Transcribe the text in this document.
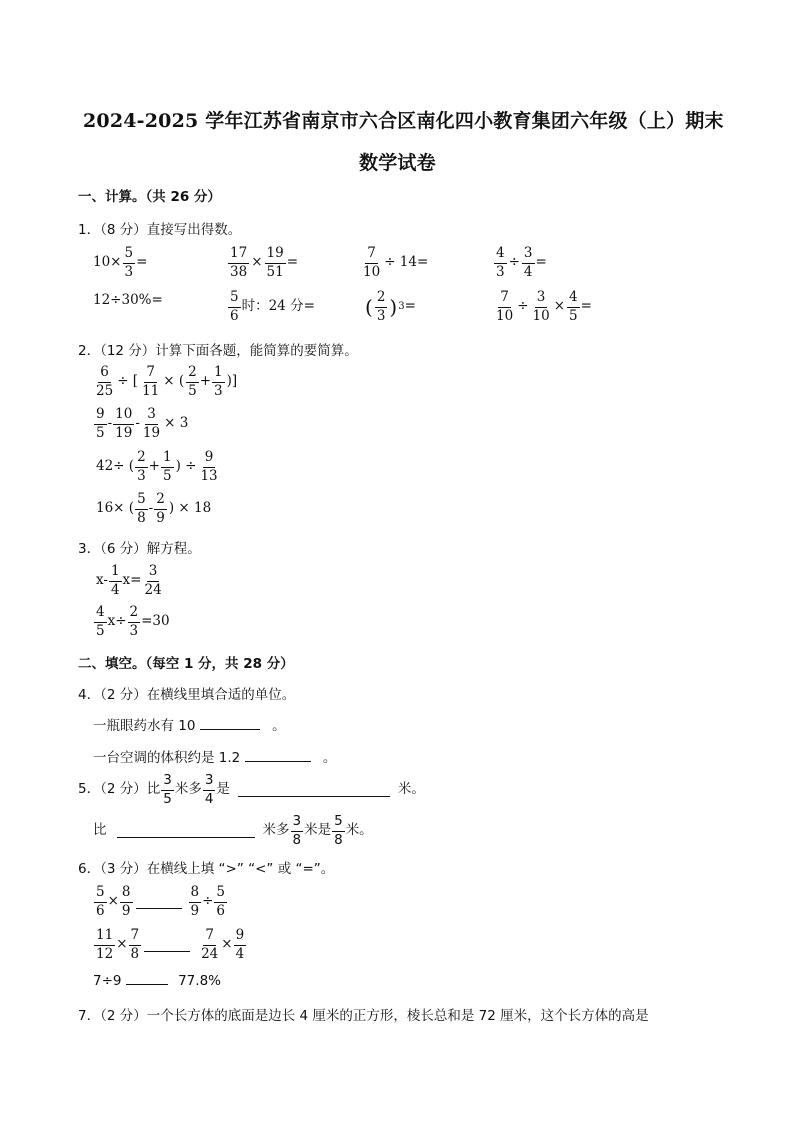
2024-2025 学年江苏省南京市六合区南化四小教育集团六年级（上）期末
数学试卷
一、计算。（共 26 分）
1．（8 分）直接写出得数。
$10\times \frac{5}{3}$ =	$\frac{17}{38} \times \frac{19}{51}$ =	$\frac{7}{10} \div 14=$	$\frac{4}{3} \div \frac{3}{4}$ =
12÷30%=	$\frac{5}{6}$ 时：24 分=	( $\frac{2}{3}$ ) 3 =	$\frac{7}{10} \div \frac{3}{10} \times \frac{4}{5}$ =
2．（12 分）计算下面各题，能简算的要简算。
$\frac{6}{25}$ ÷ [ $\frac{7}{11}$ × ( $\frac{2}{5} + \frac{1}{3}$ )]
$\frac{9}{5} - \frac{10}{19} - \frac{3}{19} \times 3$
42÷ ( $\frac{2}{3} + \frac{1}{5}$ ) ÷ $\frac{9}{13}$
16× ( $\frac{5}{8} - \frac{2}{9}$ ) × 18
3．（6 分）解方程。
$x- \frac{1}{4} x= \frac{3}{24}$
$\frac{4}{5} x\div \frac{2}{3} =30$
二、填空。（每空 1 分，共 28 分）
4．（2 分）在横线里填合适的单位。
一瓶眼药水有 10	。
一台空调的体积约是 1.2	。
5．（2 分）比 $\frac{3}{5}$ 米多 $\frac{3}{4}$ 是	米。
比	米多 $\frac{3}{8}$ 米是 $\frac{5}{8}$ 米。
6．（3 分）在横线上填 “>” “<” 或 “=”。
$\frac{5}{6} \times \frac{8}{9}$	$\frac{8}{9} \div \frac{5}{6}$
$\frac{11}{12} \times \frac{7}{8}$	$\frac{7}{24} \times \frac{9}{4}$
7÷9	77.8%
7．（2 分）一个长方体的底面是边长 4 厘米的正方形，棱长总和是 72 厘米，这个长方体的高是
